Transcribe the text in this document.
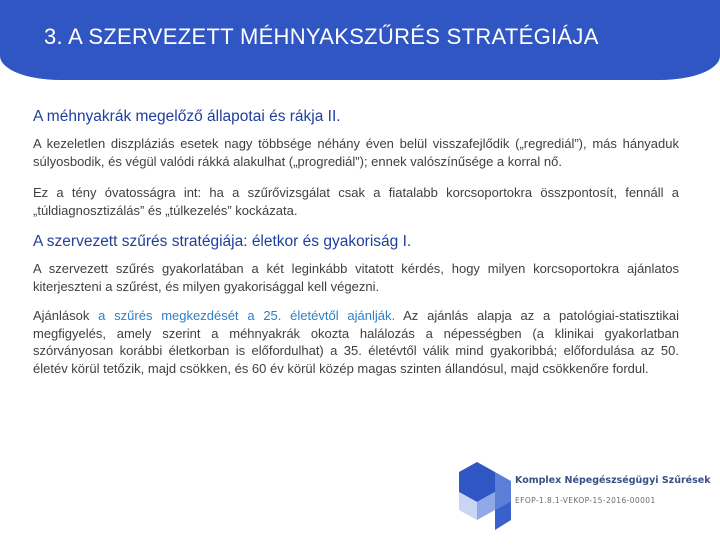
3. A SZERVEZETT MÉHNYAKSZŰRÉS STRATÉGIÁJA
A méhnyakrák megelőző állapotai és rákja II.

A kezeletlen diszpláziás esetek nagy többsége néhány éven belül visszafejlődik („regrediál”), más hányaduk súlyosbodik, és végül valódi rákká alakulhat („progrediál”); ennek valószínűsége a korral nő.

Ez a tény óvatosságra int: ha a szűrővizsgálat csak a fiatalabb korcsoportokra összpontosít, fennáll a „túldiagnosztizálás” és „túlkezelés” kockázata.

A szervezett szűrés stratégiája: életkor és gyakoriság I.

A szervezett szűrés gyakorlatában a két leginkább vitatott kérdés, hogy milyen korcsoportokra ajánlatos kiterjeszteni a szűrést, és milyen gyakorisággal kell végezni.

Ajánlások a szűrés megkezdését a 25. életévtől ajánlják. Az ajánlás alapja az a patológiai-statisztikai megfigyelés, amely szerint a méhnyakrák okozta halálozás a népességben (a klinikai gyakorlatban szórványosan korábbi életkorban is előfordulhat) a 35. életévtől válik mind gyakoribbá; előfordulása az 50. életév körül tetőzik, majd csökken, és 60 év körül közép magas szinten állandósul, majd csökkenőre fordul.

Komplex Népegészségügyi Szűrések
EFOP-1.8.1-VEKOP-15-2016-00001
